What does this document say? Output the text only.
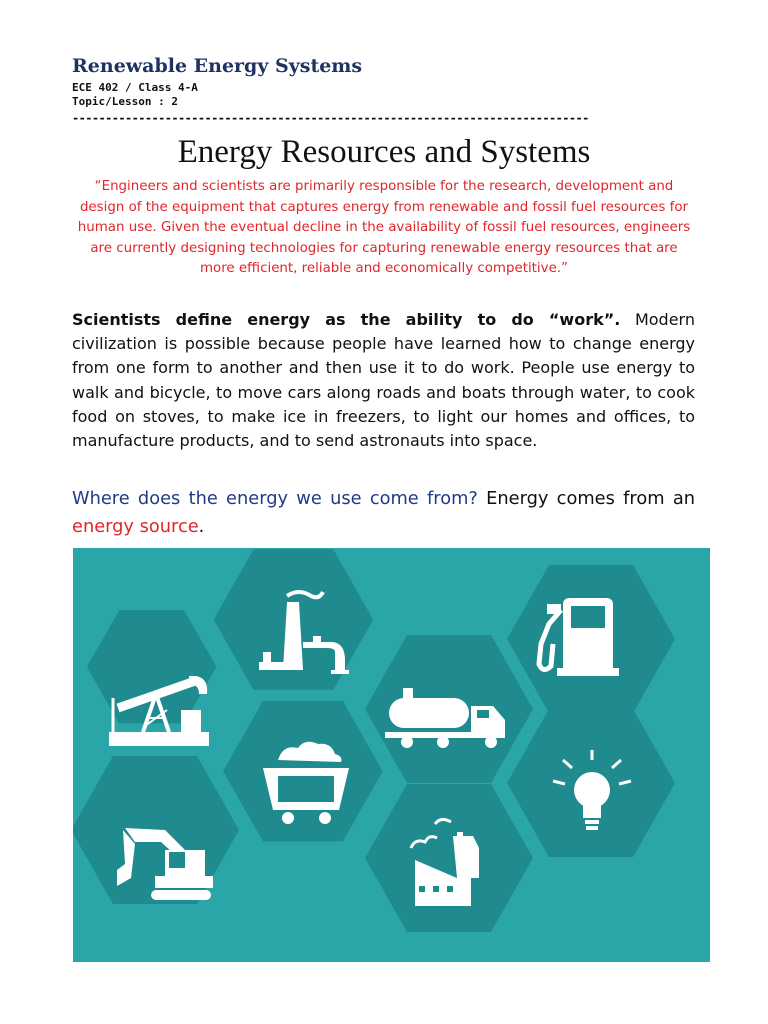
Renewable Energy Systems
ECE 402 / Class 4-A
Topic/Lesson : 2
------------------------------------------------------------------------------
Energy Resources and Systems
“Engineers and scientists are primarily responsible for the research, development and design of the equipment that captures energy from renewable and fossil fuel resources for human use. Given the eventual decline in the availability of fossil fuel resources, engineers are currently designing technologies for capturing renewable energy resources that are more efficient, reliable and economically competitive.”
Scientists define energy as the ability to do “work”. Modern civilization is possible because people have learned how to change energy from one form to another and then use it to do work. People use energy to walk and bicycle, to move cars along roads and boats through water, to cook food on stoves, to make ice in freezers, to light our homes and offices, to manufacture products, and to send astronauts into space.
Where does the energy we use come from? Energy comes from an energy source.
